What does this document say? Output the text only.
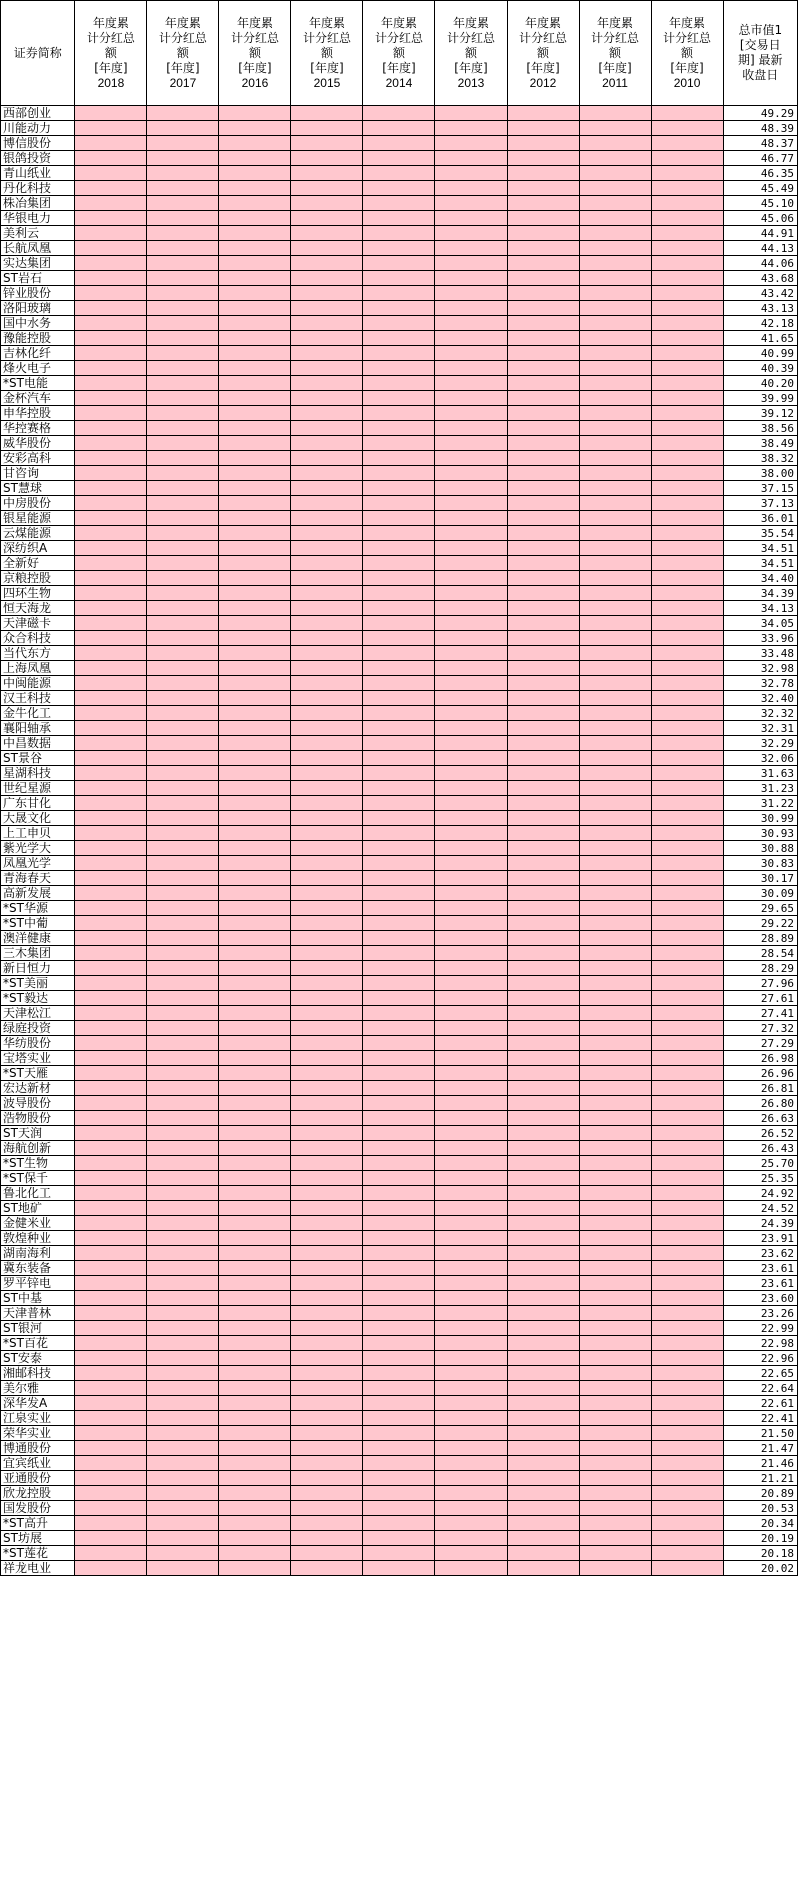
证券简称	年度累
计分红总
额
[年度]
2018	年度累
计分红总
额
[年度]
2017	年度累
计分红总
额
[年度]
2016	年度累
计分红总
额
[年度]
2015	年度累
计分红总
额
[年度]
2014	年度累
计分红总
额
[年度]
2013	年度累
计分红总
额
[年度]
2012	年度累
计分红总
额
[年度]
2011	年度累
计分红总
额
[年度]
2010	总市值1
[交易日
期] 最新
收盘日

西部创业										49.29
川能动力										48.39
博信股份										48.37
银鸽投资										46.77
青山纸业										46.35
丹化科技										45.49
株冶集团										45.10
华银电力										45.06
美利云										44.91
长航凤凰										44.13
实达集团										44.06
ST岩石										43.68
锌业股份										43.42
洛阳玻璃										43.13
国中水务										42.18
豫能控股										41.65
吉林化纤										40.99
烽火电子										40.39
*ST电能										40.20
金杯汽车										39.99
申华控股										39.12
华控赛格										38.56
威华股份										38.49
安彩高科										38.32
甘咨询										38.00
ST慧球										37.15
中房股份										37.13
银星能源										36.01
云煤能源										35.54
深纺织A										34.51
全新好										34.51
京粮控股										34.40
四环生物										34.39
恒天海龙										34.13
天津磁卡										34.05
众合科技										33.96
当代东方										33.48
上海凤凰										32.98
中闽能源										32.78
汉王科技										32.40
金牛化工										32.32
襄阳轴承										32.31
中昌数据										32.29
ST景谷										32.06
星湖科技										31.63
世纪星源										31.23
广东甘化										31.22
大晟文化										30.99
上工申贝										30.93
紫光学大										30.88
凤凰光学										30.83
青海春天										30.17
高新发展										30.09
*ST华源										29.65
*ST中葡										29.22
澳洋健康										28.89
三木集团										28.54
新日恒力										28.29
*ST美丽										27.96
*ST毅达										27.61
天津松江										27.41
绿庭投资										27.32
华纺股份										27.29
宝塔实业										26.98
*ST天雁										26.96
宏达新材										26.81
波导股份										26.80
浩物股份										26.63
ST天润										26.52
海航创新										26.43
*ST生物										25.70
*ST保千										25.35
鲁北化工										24.92
ST地矿										24.52
金健米业										24.39
敦煌种业										23.91
湖南海利										23.62
冀东装备										23.61
罗平锌电										23.61
ST中基										23.60
天津普林										23.26
ST银河										22.99
*ST百花										22.98
ST安泰										22.96
湘邮科技										22.65
美尔雅										22.64
深华发A										22.61
江泉实业										22.41
荣华实业										21.50
博通股份										21.47
宜宾纸业										21.46
亚通股份										21.21
欣龙控股										20.89
国发股份										20.53
*ST高升										20.34
ST坊展										20.19
*ST莲花										20.18
祥龙电业										20.02
